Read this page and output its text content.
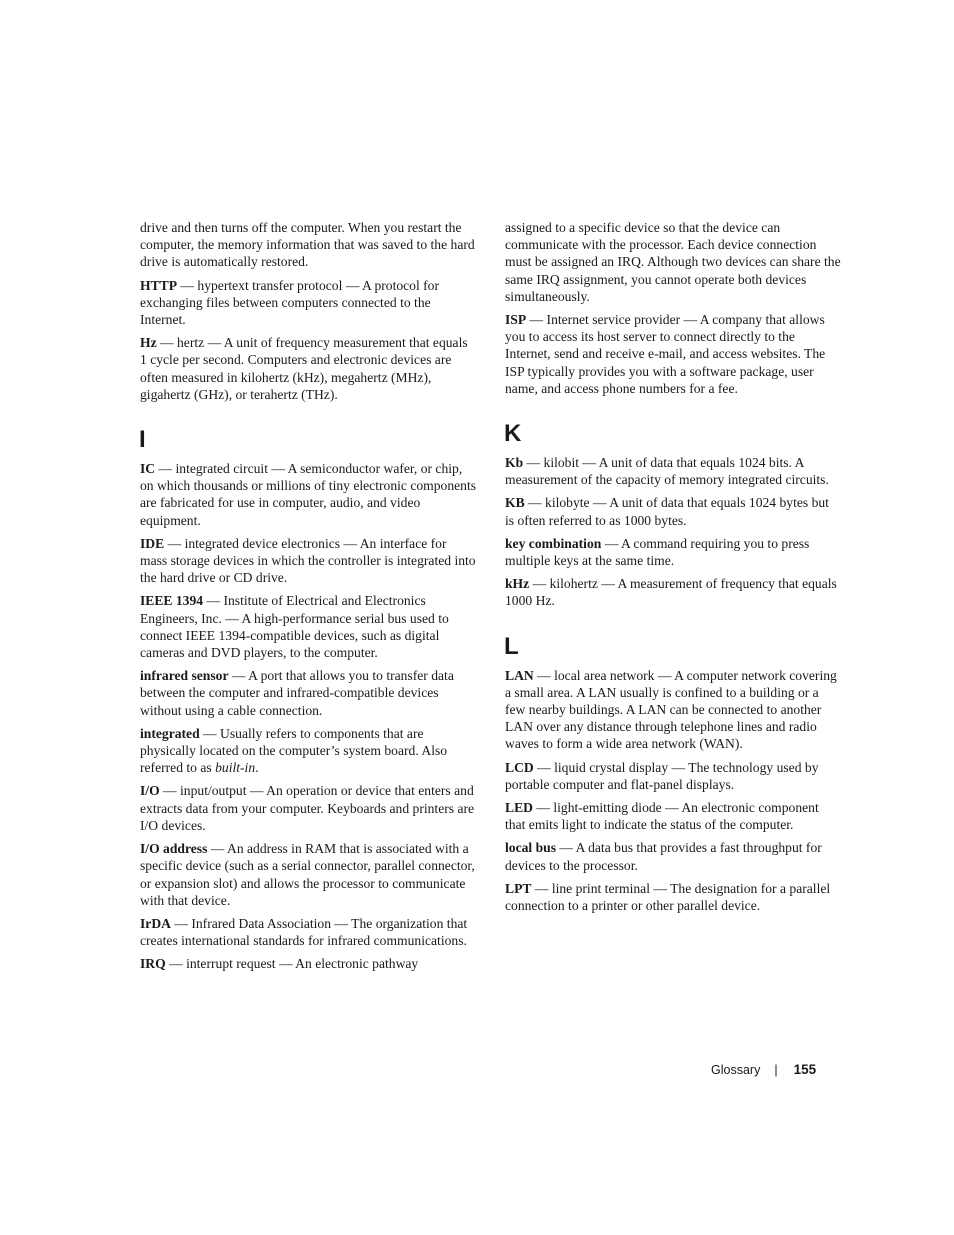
drive and then turns off the computer. When you restart the computer, the memory information that was saved to the hard drive is automatically restored.

HTTP — hypertext transfer protocol — A protocol for exchanging files between computers connected to the Internet.

Hz — hertz — A unit of frequency measurement that equals 1 cycle per second. Computers and electronic devices are often measured in kilohertz (kHz), megahertz (MHz), gigahertz (GHz), or terahertz (THz).

I

IC — integrated circuit — A semiconductor wafer, or chip, on which thousands or millions of tiny electronic components are fabricated for use in computer, audio, and video equipment.

IDE — integrated device electronics — An interface for mass storage devices in which the controller is integrated into the hard drive or CD drive.

IEEE 1394 — Institute of Electrical and Electronics Engineers, Inc. — A high-performance serial bus used to connect IEEE 1394-compatible devices, such as digital cameras and DVD players, to the computer.

infrared sensor — A port that allows you to transfer data between the computer and infrared-compatible devices without using a cable connection.

integrated — Usually refers to components that are physically located on the computer’s system board. Also referred to as built-in.

I/O — input/output — An operation or device that enters and extracts data from your computer. Keyboards and printers are I/O devices.

I/O address — An address in RAM that is associated with a specific device (such as a serial connector, parallel connector, or expansion slot) and allows the processor to communicate with that device.

IrDA — Infrared Data Association — The organization that creates international standards for infrared communications.

IRQ — interrupt request — An electronic pathway

assigned to a specific device so that the device can communicate with the processor. Each device connection must be assigned an IRQ. Although two devices can share the same IRQ assignment, you cannot operate both devices simultaneously.

ISP — Internet service provider — A company that allows you to access its host server to connect directly to the Internet, send and receive e-mail, and access websites. The ISP typically provides you with a software package, user name, and access phone numbers for a fee.

K

Kb — kilobit — A unit of data that equals 1024 bits. A measurement of the capacity of memory integrated circuits.

KB — kilobyte — A unit of data that equals 1024 bytes but is often referred to as 1000 bytes.

key combination — A command requiring you to press multiple keys at the same time.

kHz — kilohertz — A measurement of frequency that equals 1000 Hz.

L

LAN — local area network — A computer network covering a small area. A LAN usually is confined to a building or a few nearby buildings. A LAN can be connected to another LAN over any distance through telephone lines and radio waves to form a wide area network (WAN).

LCD — liquid crystal display — The technology used by portable computer and flat-panel displays.

LED — light-emitting diode — An electronic component that emits light to indicate the status of the computer.

local bus — A data bus that provides a fast throughput for devices to the processor.

LPT — line print terminal — The designation for a parallel connection to a printer or other parallel device.

Glossary | 155
